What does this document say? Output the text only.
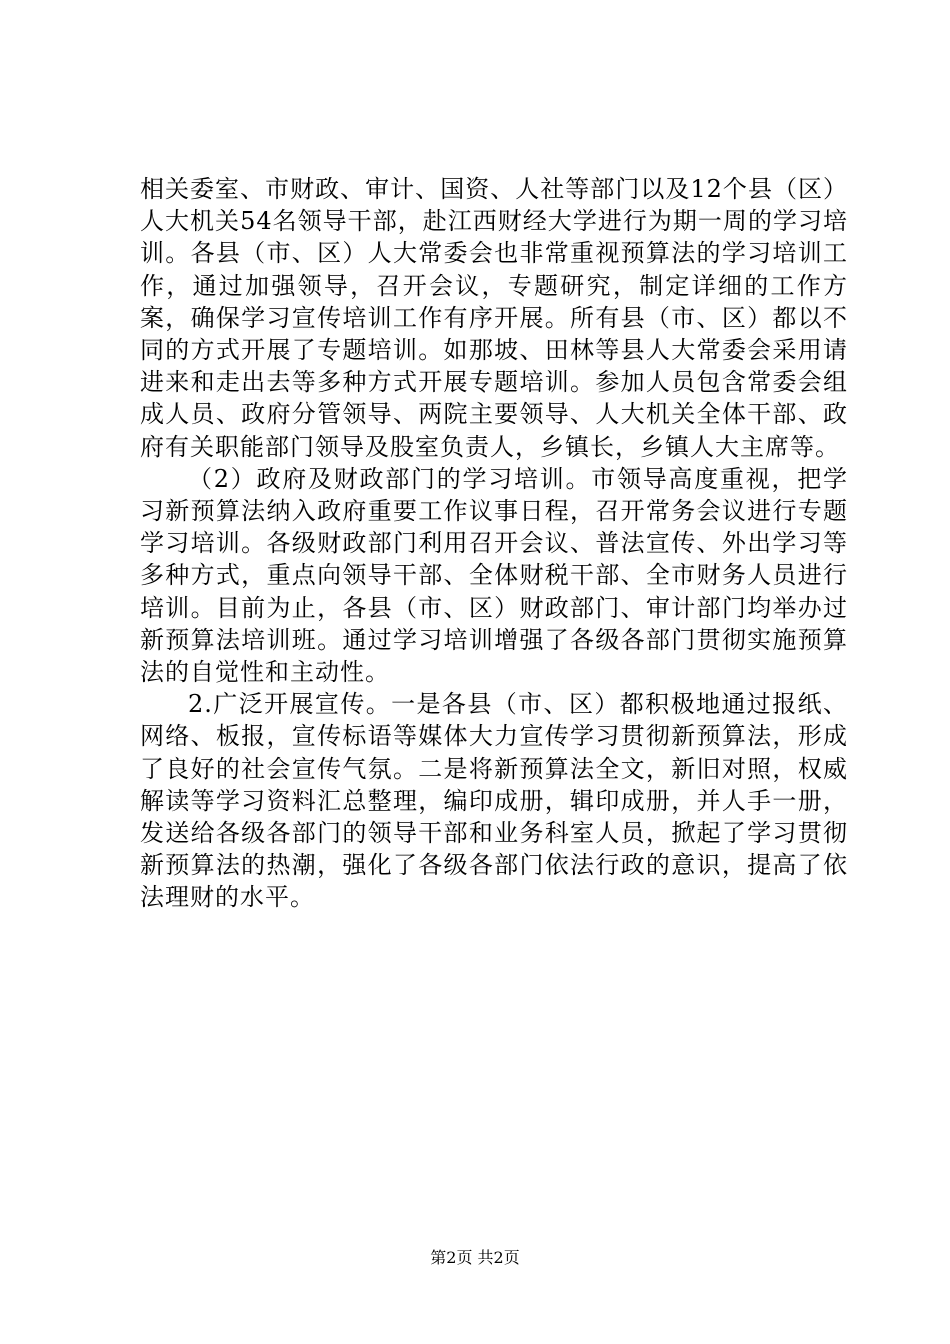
相关委室、市财政、审计、国资、人社等部门以及12个县（区）人大机关54名领导干部，赴江西财经大学进行为期一周的学习培训。各县（市、区）人大常委会也非常重视预算法的学习培训工作，通过加强领导，召开会议，专题研究，制定详细的工作方案，确保学习宣传培训工作有序开展。所有县（市、区）都以不同的方式开展了专题培训。如那坡、田林等县人大常委会采用请进来和走出去等多种方式开展专题培训。参加人员包含常委会组成人员、政府分管领导、两院主要领导、人大机关全体干部、政府有关职能部门领导及股室负责人，乡镇长，乡镇人大主席等。

（2）政府及财政部门的学习培训。市领导高度重视，把学习新预算法纳入政府重要工作议事日程，召开常务会议进行专题学习培训。各级财政部门利用召开会议、普法宣传、外出学习等多种方式，重点向领导干部、全体财税干部、全市财务人员进行培训。目前为止，各县（市、区）财政部门、审计部门均举办过新预算法培训班。通过学习培训增强了各级各部门贯彻实施预算法的自觉性和主动性。

2.广泛开展宣传。一是各县（市、区）都积极地通过报纸、网络、板报，宣传标语等媒体大力宣传学习贯彻新预算法，形成了良好的社会宣传气氛。二是将新预算法全文，新旧对照，权威解读等学习资料汇总整理，编印成册，辑印成册，并人手一册，发送给各级各部门的领导干部和业务科室人员，掀起了学习贯彻新预算法的热潮，强化了各级各部门依法行政的意识，提高了依法理财的水平。

第2页 共2页
